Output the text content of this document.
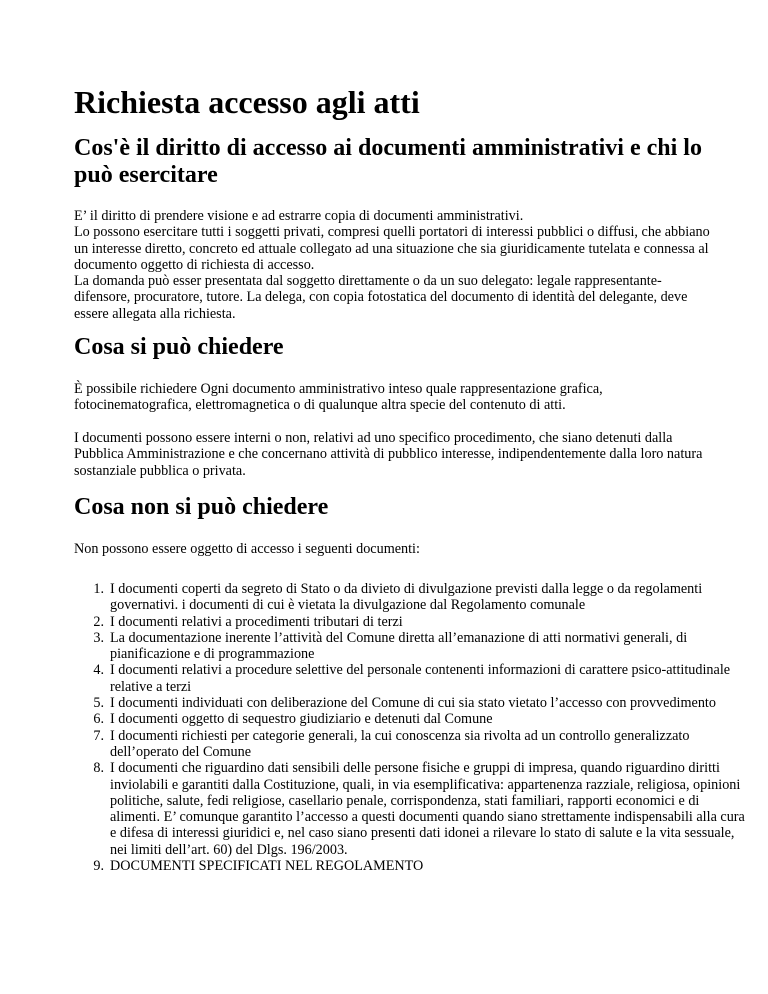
Richiesta accesso agli atti
Cos'è il diritto di accesso ai documenti amministrativi e chi lo può esercitare

E’ il diritto di prendere visione e ad estrarre copia di documenti amministrativi.

Lo possono esercitare tutti i soggetti privati, compresi quelli portatori di interessi pubblici o diffusi, che abbiano un interesse diretto, concreto ed attuale collegato ad una situazione che sia giuridicamente tutelata e connessa al documento oggetto di richiesta di accesso.

La domanda può esser presentata dal soggetto direttamente o da un suo delegato: legale rappresentante-difensore, procuratore, tutore. La delega, con copia fotostatica del documento di identità del delegante, deve essere allegata alla richiesta.

Cosa si può chiedere

È possibile richiedere Ogni documento amministrativo inteso quale rappresentazione grafica, fotocinematografica, elettromagnetica o di qualunque altra specie del contenuto di atti.

I documenti possono essere interni o non, relativi ad uno specifico procedimento, che siano detenuti dalla Pubblica Amministrazione e che concernano attività di pubblico interesse, indipendentemente dalla loro natura sostanziale pubblica o privata.

Cosa non si può chiedere

Non possono essere oggetto di accesso i seguenti documenti:

1. I documenti coperti da segreto di Stato o da divieto di divulgazione previsti dalla legge o da regolamenti governativi. i documenti di cui è vietata la divulgazione dal Regolamento comunale
2. I documenti relativi a procedimenti tributari di terzi
3. La documentazione inerente l’attività del Comune diretta all’emanazione di atti normativi generali, di pianificazione e di programmazione
4. I documenti relativi a procedure selettive del personale contenenti informazioni di carattere psico-attitudinale relative a terzi
5. I documenti individuati con deliberazione del Comune di cui sia stato vietato l’accesso con provvedimento
6. I documenti oggetto di sequestro giudiziario e detenuti dal Comune
7. I documenti richiesti per categorie generali, la cui conoscenza sia rivolta ad un controllo generalizzato dell’operato del Comune
8. I documenti che riguardino dati sensibili delle persone fisiche e gruppi di impresa, quando riguardino diritti inviolabili e garantiti dalla Costituzione, quali, in via esemplificativa: appartenenza razziale, religiosa, opinioni politiche, salute, fedi religiose, casellario penale, corrispondenza, stati familiari, rapporti economici e di alimenti. E’ comunque garantito l’accesso a questi documenti quando siano strettamente indispensabili alla cura e difesa di interessi giuridici e, nel caso siano presenti dati idonei a rilevare lo stato di salute e la vita sessuale, nei limiti dell’art. 60) del Dlgs. 196/2003.
9. DOCUMENTI SPECIFICATI NEL REGOLAMENTO
